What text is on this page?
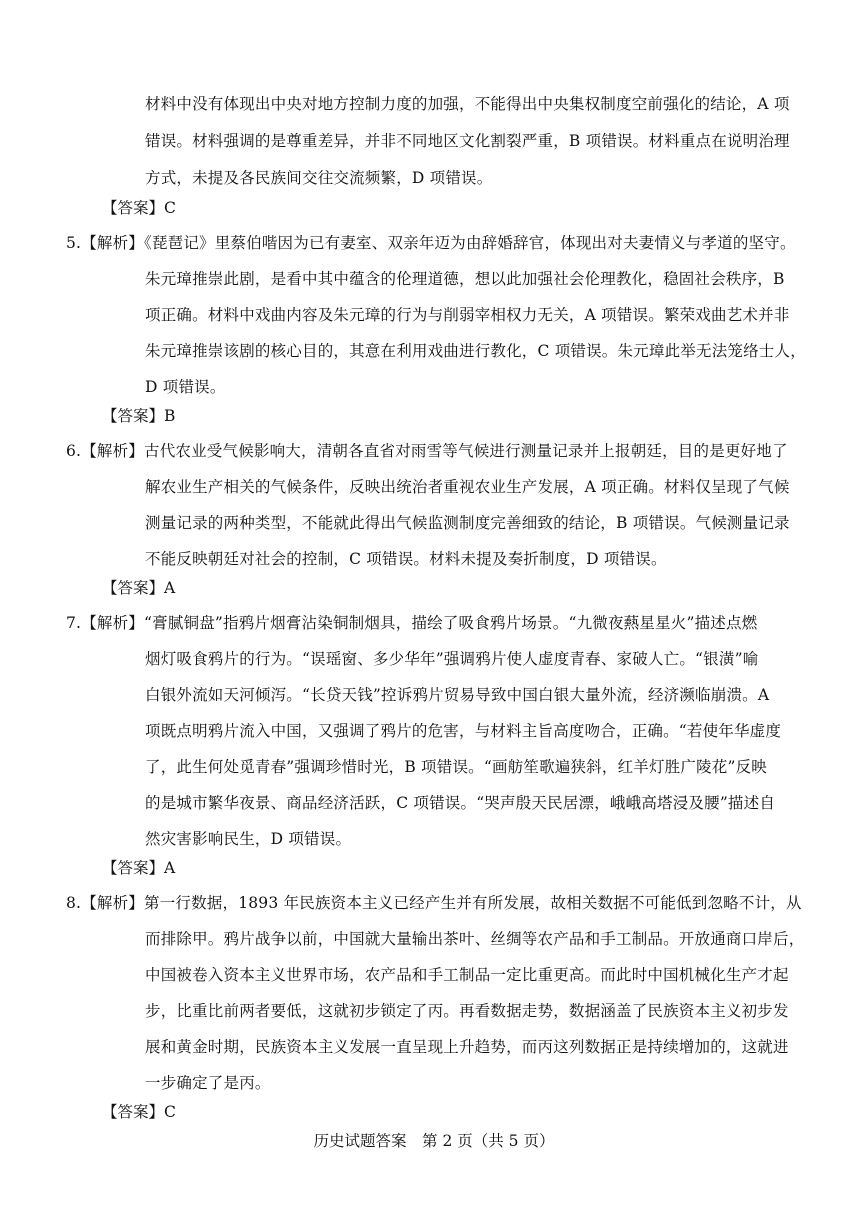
材料中没有体现出中央对地方控制力度的加强，不能得出中央集权制度空前强化的结论，A 项
错误。材料强调的是尊重差异，并非不同地区文化割裂严重，B 项错误。材料重点在说明治理
方式，未提及各民族间交往交流频繁，D 项错误。
【答案】C
5.【解析】《琵琶记》里蔡伯喈因为已有妻室、双亲年迈为由辞婚辞官，体现出对夫妻情义与孝道的坚守。
朱元璋推崇此剧，是看中其中蕴含的伦理道德，想以此加强社会伦理教化，稳固社会秩序，B
项正确。材料中戏曲内容及朱元璋的行为与削弱宰相权力无关，A 项错误。繁荣戏曲艺术并非
朱元璋推崇该剧的核心目的，其意在利用戏曲进行教化，C 项错误。朱元璋此举无法笼络士人，
D 项错误。
【答案】B
6.【解析】古代农业受气候影响大，清朝各直省对雨雪等气候进行测量记录并上报朝廷，目的是更好地了
解农业生产相关的气候条件，反映出统治者重视农业生产发展，A 项正确。材料仅呈现了气候
测量记录的两种类型，不能就此得出气候监测制度完善细致的结论，B 项错误。气候测量记录
不能反映朝廷对社会的控制，C 项错误。材料未提及奏折制度，D 项错误。
【答案】A
7.【解析】“膏腻铜盘”指鸦片烟膏沾染铜制烟具，描绘了吸食鸦片场景。“九微夜爇星星火”描述点燃
烟灯吸食鸦片的行为。“误瑶窗、多少华年”强调鸦片使人虚度青春、家破人亡。“银潢”喻
白银外流如天河倾泻。“长贷天钱”控诉鸦片贸易导致中国白银大量外流，经济濒临崩溃。A
项既点明鸦片流入中国，又强调了鸦片的危害，与材料主旨高度吻合，正确。“若使年华虚度
了，此生何处觅青春”强调珍惜时光，B 项错误。“画舫笙歌遍狭斜，红羊灯胜广陵花”反映
的是城市繁华夜景、商品经济活跃，C 项错误。“哭声殷天民居漂，峨峨高塔浸及腰”描述自
然灾害影响民生，D 项错误。
【答案】A
8.【解析】第一行数据，1893 年民族资本主义已经产生并有所发展，故相关数据不可能低到忽略不计，从
而排除甲。鸦片战争以前，中国就大量输出茶叶、丝绸等农产品和手工制品。开放通商口岸后，
中国被卷入资本主义世界市场，农产品和手工制品一定比重更高。而此时中国机械化生产才起
步，比重比前两者要低，这就初步锁定了丙。再看数据走势，数据涵盖了民族资本主义初步发
展和黄金时期，民族资本主义发展一直呈现上升趋势，而丙这列数据正是持续增加的，这就进
一步确定了是丙。
【答案】C
历史试题答案　第 2 页（共 5 页）
